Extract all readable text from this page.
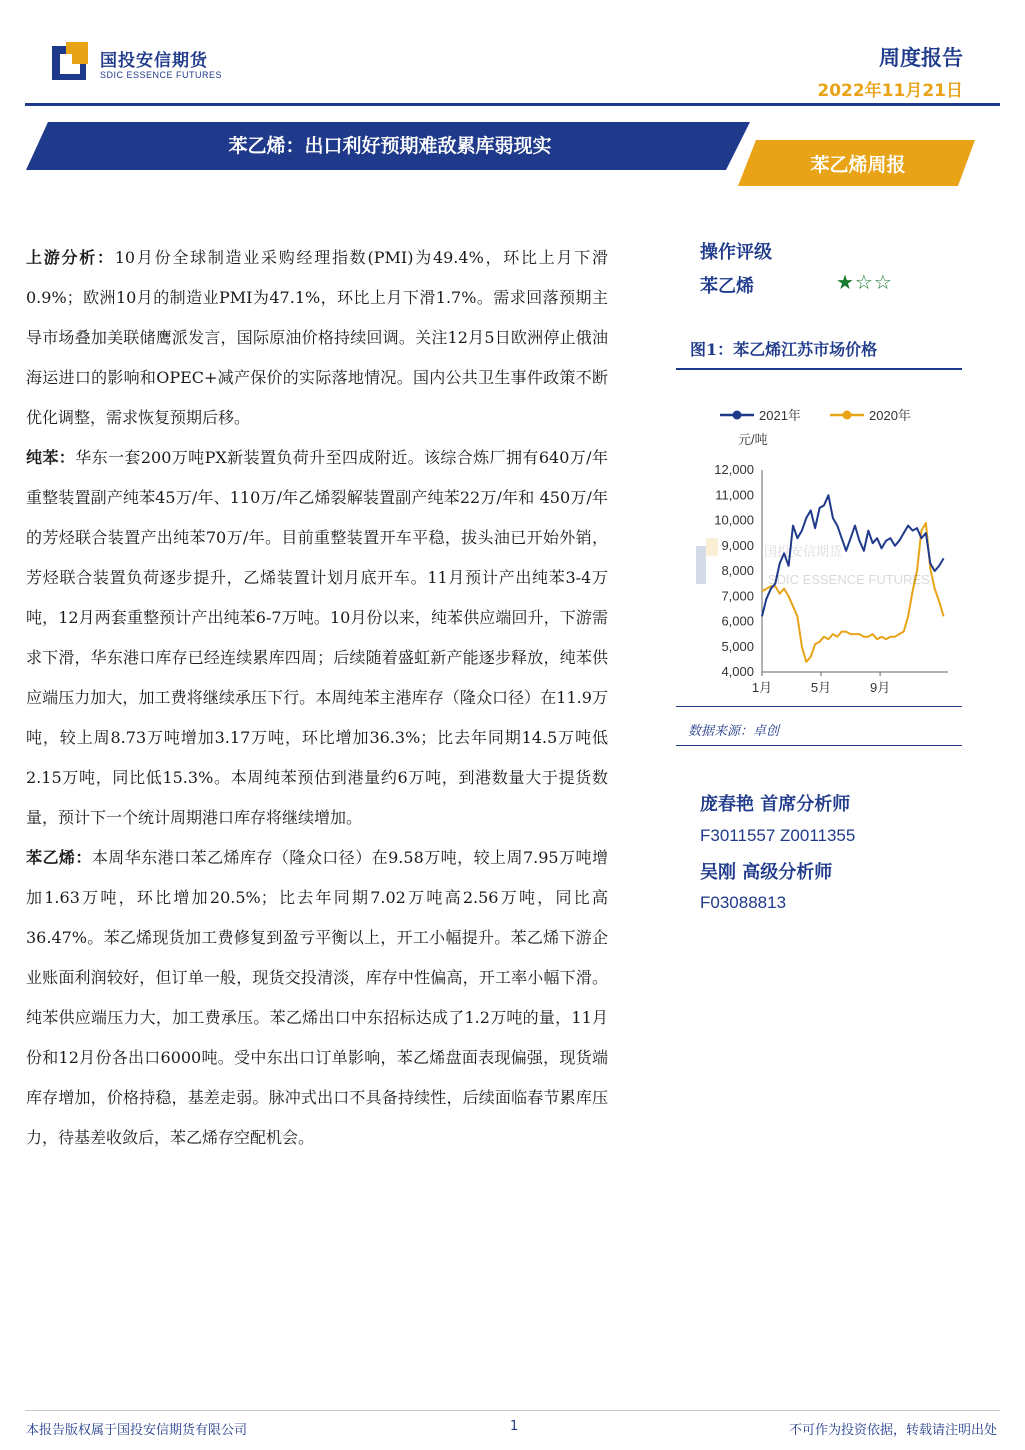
国投安信期货
SDIC ESSENCE FUTURES
周度报告
2022年11月21日
苯乙烯：出口利好预期难敌累库弱现实
苯乙烯周报

上游分析：10月份全球制造业采购经理指数(PMI)为49.4%，环比上月下滑0.9%；欧洲10月的制造业PMI为47.1%，环比上月下滑1.7%。需求回落预期主导市场叠加美联储鹰派发言，国际原油价格持续回调。关注12月5日欧洲停止俄油海运进口的影响和OPEC+减产保价的实际落地情况。国内公共卫生事件政策不断优化调整，需求恢复预期后移。

纯苯：华东一套200万吨PX新装置负荷升至四成附近。该综合炼厂拥有640万/年重整装置副产纯苯45万/年、110万/年乙烯裂解装置副产纯苯22万/年和 450万/年的芳烃联合装置产出纯苯70万/年。目前重整装置开车平稳，拔头油已开始外销，芳烃联合装置负荷逐步提升，乙烯装置计划月底开车。11月预计产出纯苯3-4万吨，12月两套重整预计产出纯苯6-7万吨。10月份以来，纯苯供应端回升，下游需求下滑，华东港口库存已经连续累库四周；后续随着盛虹新产能逐步释放，纯苯供应端压力加大，加工费将继续承压下行。本周纯苯主港库存（隆众口径）在11.9万吨，较上周8.73万吨增加3.17万吨，环比增加36.3%；比去年同期14.5万吨低2.15万吨，同比低15.3%。本周纯苯预估到港量约6万吨，到港数量大于提货数量，预计下一个统计周期港口库存将继续增加。

苯乙烯：本周华东港口苯乙烯库存（隆众口径）在9.58万吨，较上周7.95万吨增加1.63万吨，环比增加20.5%；比去年同期7.02万吨高2.56万吨，同比高36.47%。苯乙烯现货加工费修复到盈亏平衡以上，开工小幅提升。苯乙烯下游企业账面利润较好，但订单一般，现货交投清淡，库存中性偏高，开工率小幅下滑。纯苯供应端压力大，加工费承压。苯乙烯出口中东招标达成了1.2万吨的量，11月份和12月份各出口6000吨。受中东出口订单影响，苯乙烯盘面表现偏强，现货端库存增加，价格持稳，基差走弱。脉冲式出口不具备持续性，后续面临春节累库压力，待基差收敛后，苯乙烯存空配机会。

操作评级
苯乙烯	★☆☆
图1：苯乙烯江苏市场价格
2021年	2020年
元/吨
12,000
11,000
10,000
9,000
8,000
7,000
6,000
5,000
4,000
1月	5月	9月
国投安信期货
SDIC ESSENCE FUTURES
数据来源：卓创
庞春艳 首席分析师
F3011557 Z0011355
吴刚 高级分析师
F03088813
本报告版权属于国投安信期货有限公司	1	不可作为投资依据，转载请注明出处
